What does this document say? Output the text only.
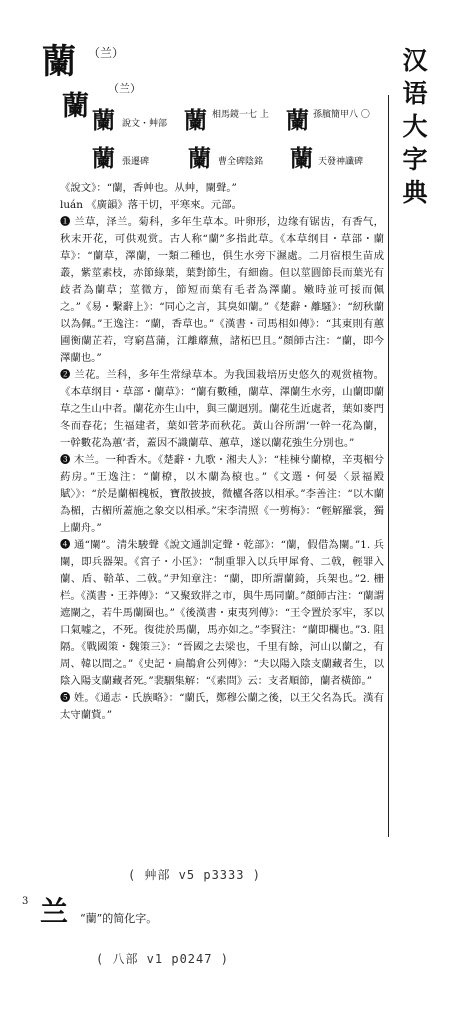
汉
语
大
字
典
蘭 （兰）
蘭
（兰）
蘭 說文・艸部 蘭 相馬鏡一七 上 蘭 孫臏簡甲八 〇
蘭 張遷碑 蘭 曹全碑陰銘 蘭 天發神讖碑

《說文》：“蘭，香艸也。从艸，闌聲。”

luán 《廣韻》落干切，平寒來。元部。

❶ 兰草，泽兰。菊科，多年生草本。叶卵形，边缘有锯齿，有香气，秋末开花，可供观赏。古人称“蘭”多指此草。《本草纲目・草部・蘭草》：“蘭草，澤蘭，一類二種也，俱生水旁下濕處。二月宿根生苗成叢，紫莖素枝，赤節綠葉，葉對節生，有細齒。但以莖圓節長而葉光有歧者為蘭草；莖微方，節短而葉有毛者為澤蘭。嫩時並可挼而佩之。”《易・繫辭上》：“同心之言，其臭如蘭。”《楚辭・離騷》：“紉秋蘭以為佩。”王逸注：“蘭，香草也。”《漢書・司馬相如傳》：“其東則有蕙圃衡蘭芷若，穹窮菖蒲，江離蘼蕪，諸柘巴且。”顏師古注：“蘭，即今澤蘭也。”

❷ 兰花。兰科，多年生常绿草本。为我国栽培历史悠久的观赏植物。《本草纲目・草部・蘭草》：“蘭有數種，蘭草、澤蘭生水旁，山蘭即蘭草之生山中者。蘭花亦生山中，與三蘭迥別。蘭花生近處者，葉如麥門冬而春花；生福建者，葉如菅茅而秋花。黃山谷所謂‘一幹一花為蘭，一幹數花為蕙’者，蓋因不識蘭草、蕙草，遂以蘭花強生分別也。”

❸ 木兰。一种香木。《楚辭・九歌・湘夫人》：“桂棟兮蘭橑，辛夷楣兮葯房。”王逸注：“蘭橑，以木蘭為榱也。”《文選・何晏〈景福殿賦〉》：“於是蘭楣槐板，寶散披披，微櫨各落以相承。”李善注：“以木蘭為楣，古楣所蓋施之象交以相承。”宋李清照《一剪梅》：“輕解羅裳，獨上蘭舟。”

❹ 通“闌”。清朱駿聲《說文通訓定聲・乾部》：“蘭，假借為闌。”1. 兵闌，即兵器架。《宮子・小匡》：“制重罪入以兵甲犀脅、二戟，輕罪入蘭、盾、鞈革、二戟。”尹知章注：“蘭，即所謂蘭錡，兵架也。”2. 栅栏。《漢書・王莽傳》：“又聚致牂之市，與牛馬同蘭。”顏師古注：“蘭謂遮闌之，若牛馬蘭圈也。”《後漢書・東夷列傳》：“王令置於豕牢，豕以口氣嘘之，不死。復徙於馬蘭，馬亦如之。”李賢注：“蘭即欄也。”3. 阻隔。《戰國策・魏策三》：“晉國之去梁也，千里有餘，河山以蘭之，有周、韓以間之。”《史記・扁鵲倉公列傳》：“夫以陽入陰支蘭藏者生，以陰入陽支蘭藏者死。”裴駰集解：“《素問》云：支者順節，蘭者橫節。”

❺ 姓。《通志・氏族略》：“蘭氏，鄭穆公蘭之後，以王父名為氏。漢有太守蘭貲。”

( 艸部 v5 p3333 )
3 兰 “蘭”的简化字。
( 八部 v1 p0247 )
